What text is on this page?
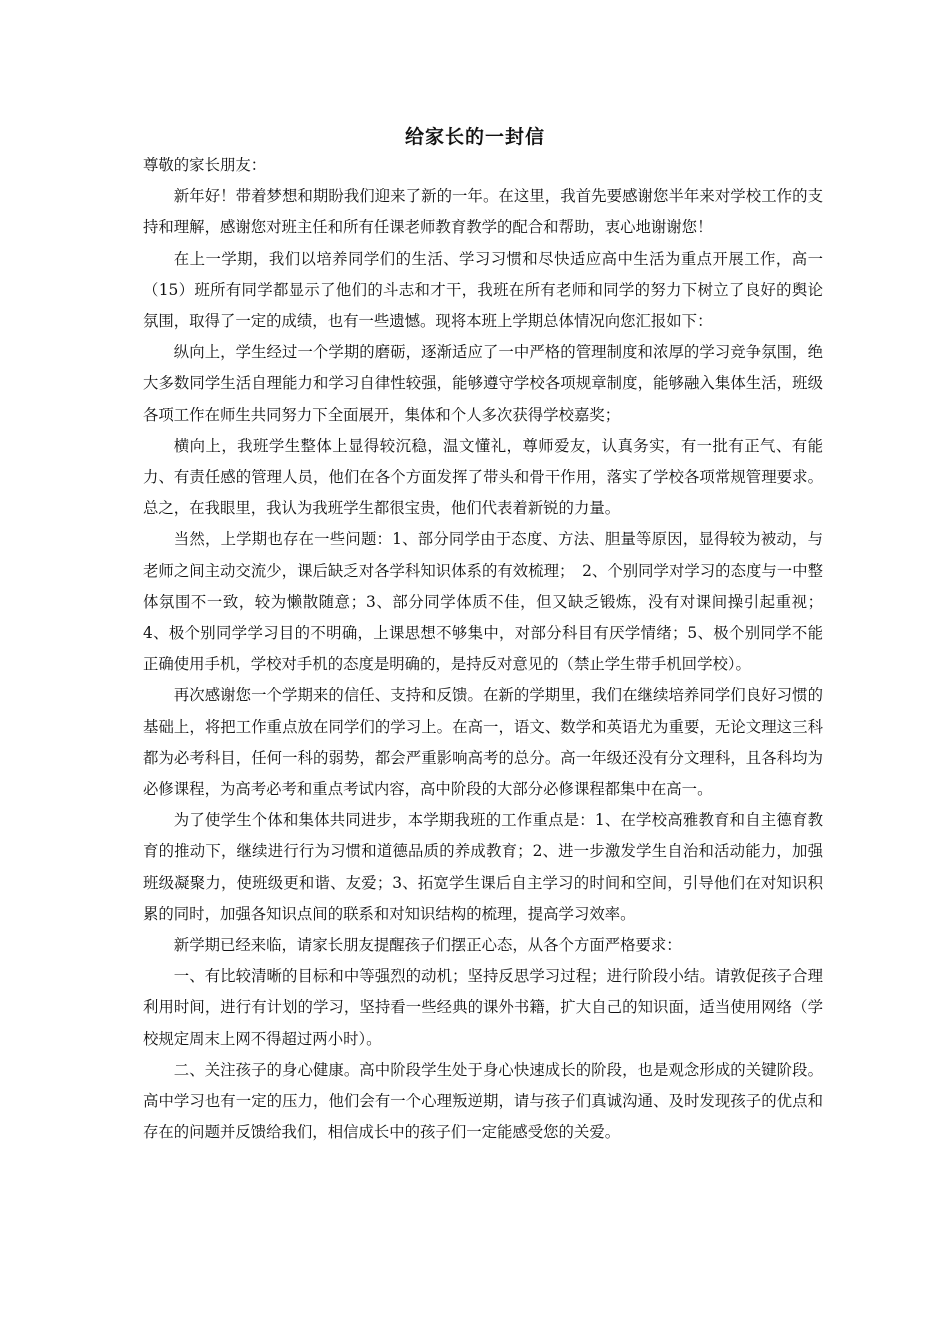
给家长的一封信

尊敬的家长朋友：

新年好！带着梦想和期盼我们迎来了新的一年。在这里，我首先要感谢您半年来对学校工作的支持和理解，感谢您对班主任和所有任课老师教育教学的配合和帮助，衷心地谢谢您！

在上一学期，我们以培养同学们的生活、学习习惯和尽快适应高中生活为重点开展工作，高一（15）班所有同学都显示了他们的斗志和才干，我班在所有老师和同学的努力下树立了良好的舆论氛围，取得了一定的成绩，也有一些遗憾。现将本班上学期总体情况向您汇报如下：

纵向上，学生经过一个学期的磨砺，逐渐适应了一中严格的管理制度和浓厚的学习竞争氛围，绝大多数同学生活自理能力和学习自律性较强，能够遵守学校各项规章制度，能够融入集体生活，班级各项工作在师生共同努力下全面展开，集体和个人多次获得学校嘉奖；

横向上，我班学生整体上显得较沉稳，温文懂礼，尊师爱友，认真务实，有一批有正气、有能力、有责任感的管理人员，他们在各个方面发挥了带头和骨干作用，落实了学校各项常规管理要求。总之，在我眼里，我认为我班学生都很宝贵，他们代表着新锐的力量。

当然，上学期也存在一些问题：1、部分同学由于态度、方法、胆量等原因，显得较为被动，与老师之间主动交流少，课后缺乏对各学科知识体系的有效梳理；　2、个别同学对学习的态度与一中整体氛围不一致，较为懒散随意；3、部分同学体质不佳，但又缺乏锻炼，没有对课间操引起重视；4、极个别同学学习目的不明确，上课思想不够集中，对部分科目有厌学情绪；5、极个别同学不能正确使用手机，学校对手机的态度是明确的，是持反对意见的（禁止学生带手机回学校）。

再次感谢您一个学期来的信任、支持和反馈。在新的学期里，我们在继续培养同学们良好习惯的基础上，将把工作重点放在同学们的学习上。在高一，语文、数学和英语尤为重要，无论文理这三科都为必考科目，任何一科的弱势，都会严重影响高考的总分。高一年级还没有分文理科，且各科均为必修课程，为高考必考和重点考试内容，高中阶段的大部分必修课程都集中在高一。

为了使学生个体和集体共同进步，本学期我班的工作重点是：1、在学校高雅教育和自主德育教育的推动下，继续进行行为习惯和道德品质的养成教育；2、进一步激发学生自治和活动能力，加强班级凝聚力，使班级更和谐、友爱；3、拓宽学生课后自主学习的时间和空间，引导他们在对知识积累的同时，加强各知识点间的联系和对知识结构的梳理，提高学习效率。

新学期已经来临，请家长朋友提醒孩子们摆正心态，从各个方面严格要求：

一、有比较清晰的目标和中等强烈的动机；坚持反思学习过程；进行阶段小结。请敦促孩子合理利用时间，进行有计划的学习，坚持看一些经典的课外书籍，扩大自己的知识面，适当使用网络（学校规定周末上网不得超过两小时）。

二、关注孩子的身心健康。高中阶段学生处于身心快速成长的阶段，也是观念形成的关键阶段。高中学习也有一定的压力，他们会有一个心理叛逆期，请与孩子们真诚沟通、及时发现孩子的优点和存在的问题并反馈给我们，相信成长中的孩子们一定能感受您的关爱。
